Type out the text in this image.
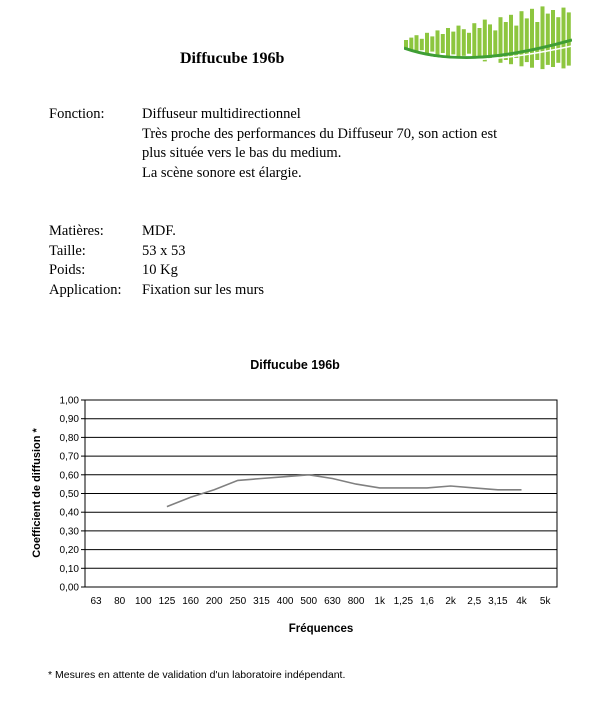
Diffucube 196b
Fonction:	Diffuseur multidirectionnel
Très proche des performances du Diffuseur 70, son action est
plus située vers le bas du medium.
La scène sonore est élargie.
Matières:	MDF.
Taille:	53 x 53
Poids:	10 Kg
Application:	Fixation sur les murs
Diffucube 196b
0,00
0,10
0,20
0,30
0,40
0,50
0,60
0,70
0,80
0,90
1,00
63 80 100 125 160 200 250 315 400 500 630 800 1k 1,25 1,6 2k 2,5 3,15 4k 5k
Coefficient de diffusion *
Fréquences
* Mesures en attente de validation d'un laboratoire indépendant.
